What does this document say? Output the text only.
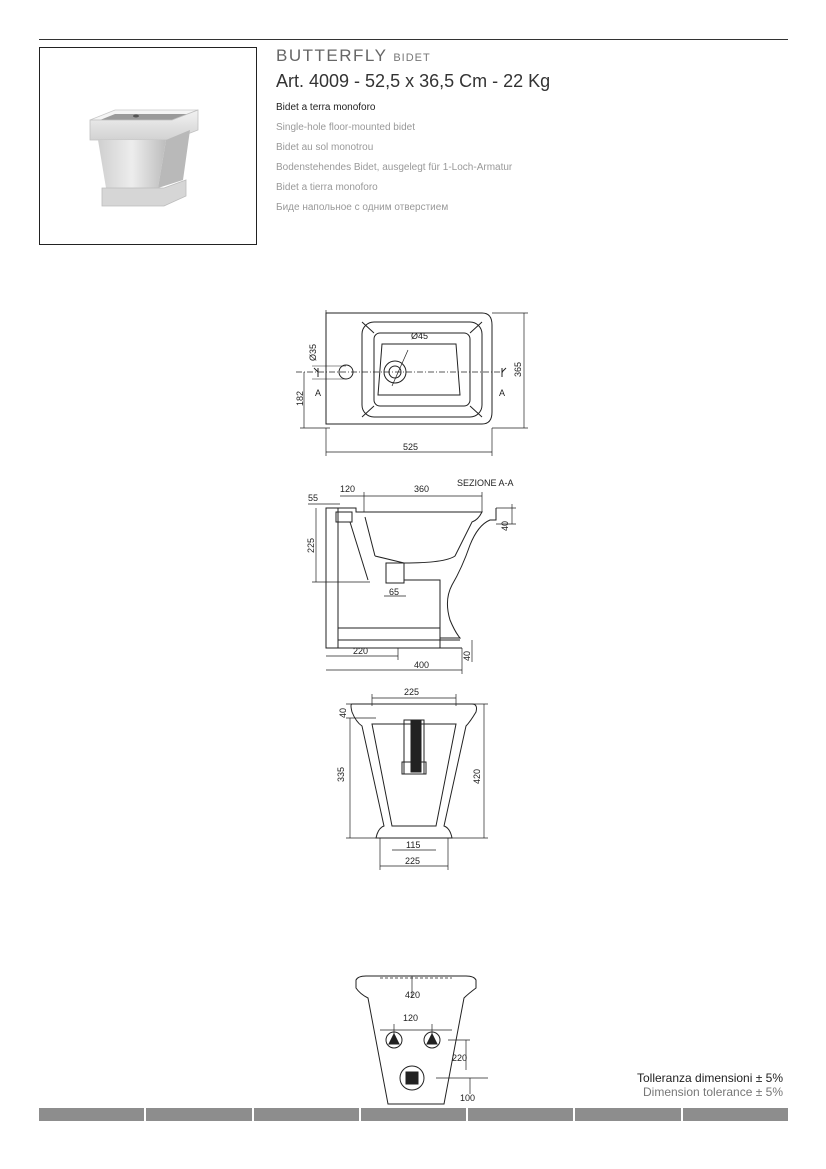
BUTTERFLY BIDET
Art. 4009 - 52,5 x 36,5 Cm - 22 Kg
Bidet a terra monoforo
Single-hole floor-mounted bidet
Bidet au sol monotrou
Bodenstehendes Bidet, ausgelegt für 1-Loch-Armatur
Bidet a tierra monoforo
Биде напольное с одним отверстием
Ø35
Ø45
182
365
525
A	A
SEZIONE A-A
55
120	360
40
225
65
220
400
40
225
40
335	420
115
225
420
120
220
100
Tolleranza dimensioni ± 5%
Dimension tolerance ± 5%
